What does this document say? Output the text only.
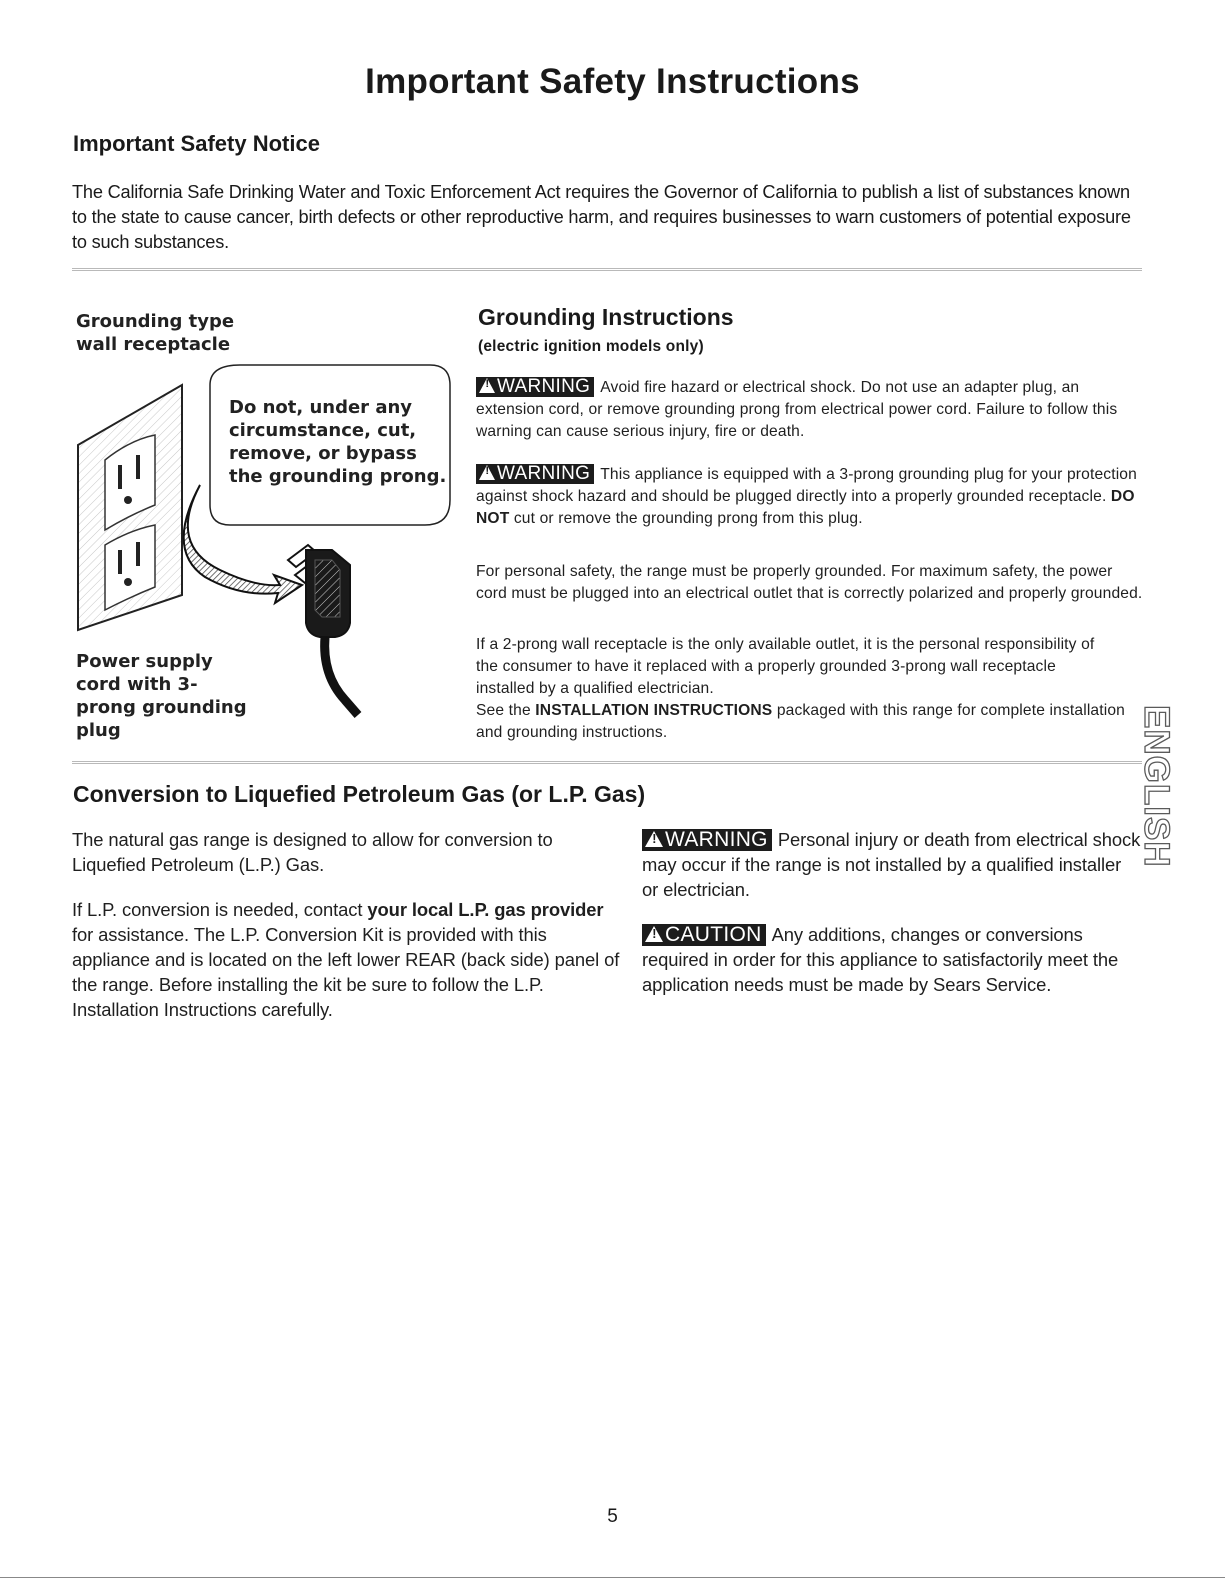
Important Safety Instructions
Important Safety Notice

The California Safe Drinking Water and Toxic Enforcement Act requires the Governor of California to publish a list of substances known to the state to cause cancer, birth defects or other reproductive harm, and requires businesses to warn customers of potential exposure to such substances.

Grounding type wall receptacle

Do not, under any circumstance, cut, remove, or bypass the grounding prong.

Power supply cord with 3-prong grounding plug

Grounding Instructions

(electric ignition models only)

!WARNING Avoid fire hazard or electrical shock. Do not use an adapter plug, an extension cord, or remove grounding prong from electrical power cord. Failure to follow this warning can cause serious injury, fire or death.

!WARNING This appliance is equipped with a 3-prong grounding plug for your protection against shock hazard and should be plugged directly into a properly grounded receptacle. DO NOT cut or remove the grounding prong from this plug.

For personal safety, the range must be properly grounded. For maximum safety, the power cord must be plugged into an electrical outlet that is correctly polarized and properly grounded.

If a 2-prong wall receptacle is the only available outlet, it is the personal responsibility of the consumer to have it replaced with a properly grounded 3-prong wall receptacle installed by a qualified electrician.

See the INSTALLATION INSTRUCTIONS packaged with this range for complete installation and grounding instructions.

Conversion to Liquefied Petroleum Gas (or L.P. Gas)

The natural gas range is designed to allow for conversion to Liquefied Petroleum (L.P.) Gas.

If L.P. conversion is needed, contact your local L.P. gas provider for assistance. The L.P. Conversion Kit is provided with this appliance and is located on the left lower REAR (back side) panel of the range. Before installing the kit be sure to follow the L.P. Installation Instructions carefully.

!WARNING Personal injury or death from electrical shock may occur if the range is not installed by a qualified installer or electrician.

!CAUTION Any additions, changes or conversions required in order for this appliance to satisfactorily meet the application needs must be made by Sears Service.

ENGLISH

5
